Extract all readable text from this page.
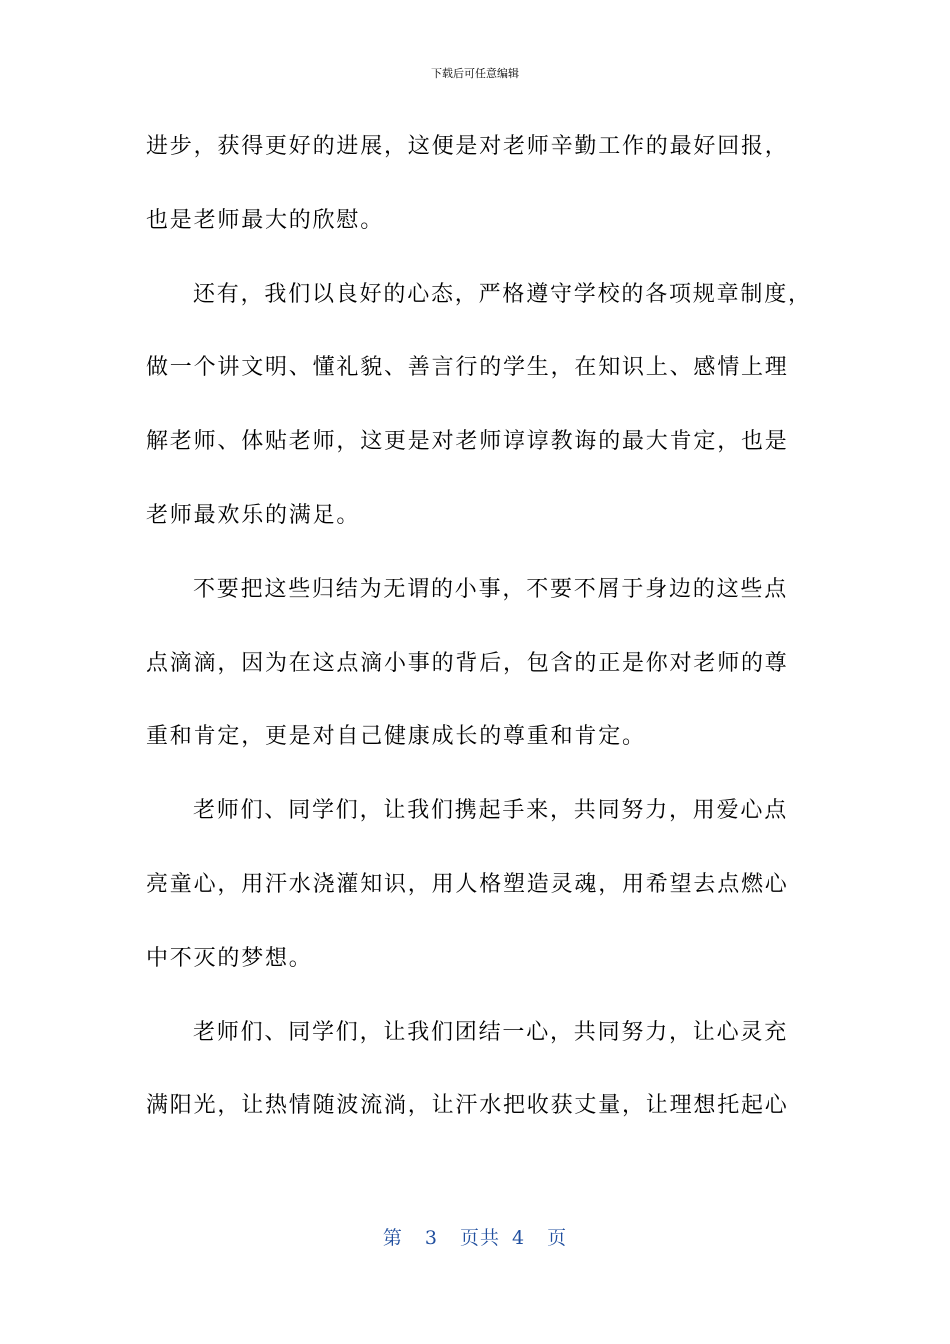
下载后可任意编辑
进步，获得更好的进展，这便是对老师辛勤工作的最好回报，
也是老师最大的欣慰。
还有，我们以良好的心态，严格遵守学校的各项规章制度，
做一个讲文明、懂礼貌、善言行的学生，在知识上、感情上理
解老师、体贴老师，这更是对老师谆谆教诲的最大肯定，也是
老师最欢乐的满足。
不要把这些归结为无谓的小事，不要不屑于身边的这些点
点滴滴，因为在这点滴小事的背后，包含的正是你对老师的尊
重和肯定，更是对自己健康成长的尊重和肯定。
老师们、同学们，让我们携起手来，共同努力，用爱心点
亮童心，用汗水浇灌知识，用人格塑造灵魂，用希望去点燃心
中不灭的梦想。
老师们、同学们，让我们团结一心，共同努力，让心灵充
满阳光，让热情随波流淌，让汗水把收获丈量，让理想托起心
第 3 页共 4 页
